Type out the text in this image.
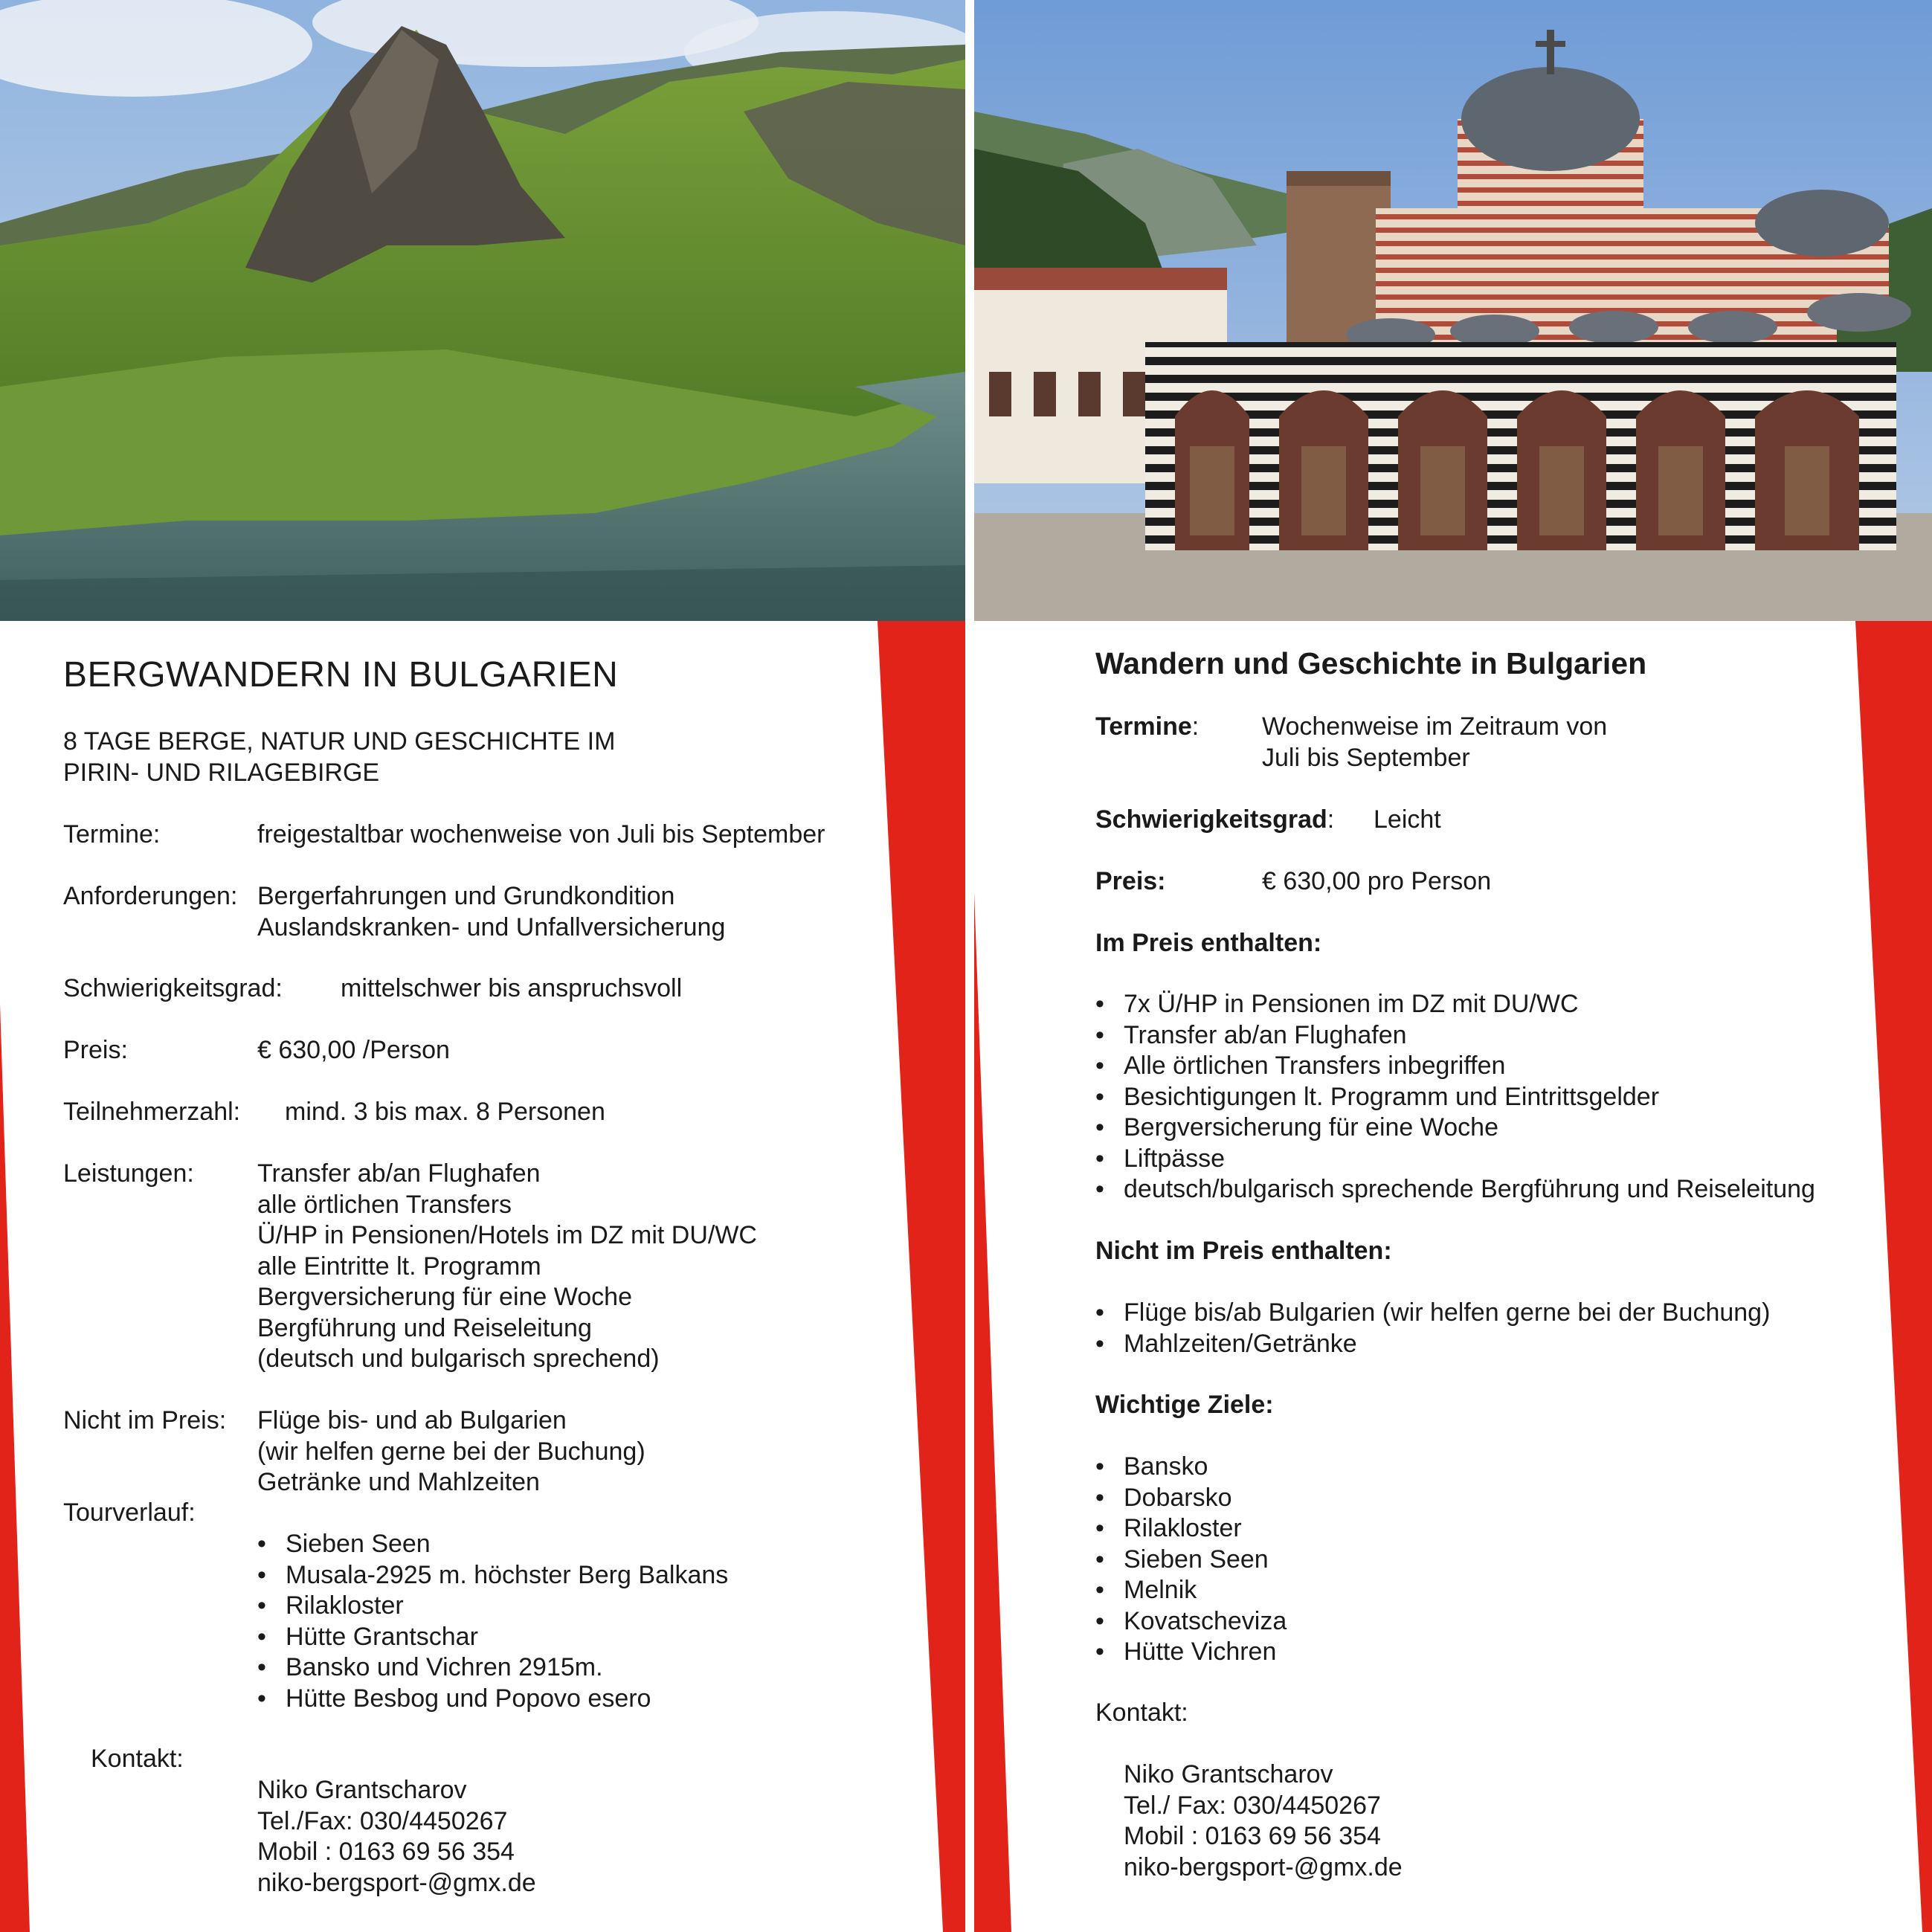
BERGWANDERN IN BULGARIEN
8 TAGE BERGE, NATUR UND GESCHICHTE IM
PIRIN- UND RILAGEBIRGE
Termine:	freigestaltbar wochenweise von Juli bis September
Anforderungen: Bergerfahrungen und Grundkondition
Auslandskranken- und Unfallversicherung
Schwierigkeitsgrad: mittelschwer bis anspruchsvoll
Preis:	€ 630,00 /Person
Teilnehmerzahl: mind. 3 bis max. 8 Personen
Leistungen:	Transfer ab/an Flughafen
alle örtlichen Transfers
Ü/HP in Pensionen/Hotels im DZ mit DU/WC
alle Eintritte lt. Programm
Bergversicherung für eine Woche
Bergführung und Reiseleitung
(deutsch und bulgarisch sprechend)
Nicht im Preis: Flüge bis- und ab Bulgarien
(wir helfen gerne bei der Buchung)
Getränke und Mahlzeiten
Tourverlauf:
• Sieben Seen
• Musala-2925 m. höchster Berg Balkans
• Rilakloster
• Hütte Grantschar
• Bansko und Vichren 2915m.
• Hütte Besbog und Popovo esero
Kontakt:
Niko Grantscharov
Tel./Fax: 030/4450267
Mobil : 0163 69 56 354
niko-bergsport-@gmx.de
Wandern und Geschichte in Bulgarien
Termine: Wochenweise im Zeitraum von
Juli bis September
Schwierigkeitsgrad: Leicht
Preis:	€ 630,00 pro Person
Im Preis enthalten:
• 7x Ü/HP in Pensionen im DZ mit DU/WC
• Transfer ab/an Flughafen
• Alle örtlichen Transfers inbegriffen
• Besichtigungen lt. Programm und Eintrittsgelder
• Bergversicherung für eine Woche
• Liftpässe
• deutsch/bulgarisch sprechende Bergführung und Reiseleitung
Nicht im Preis enthalten:
• Flüge bis/ab Bulgarien (wir helfen gerne bei der Buchung)
• Mahlzeiten/Getränke
Wichtige Ziele:
• Bansko
• Dobarsko
• Rilakloster
• Sieben Seen
• Melnik
• Kovatscheviza
• Hütte Vichren
Kontakt:
Niko Grantscharov
Tel./ Fax: 030/4450267
Mobil : 0163 69 56 354
niko-bergsport-@gmx.de
